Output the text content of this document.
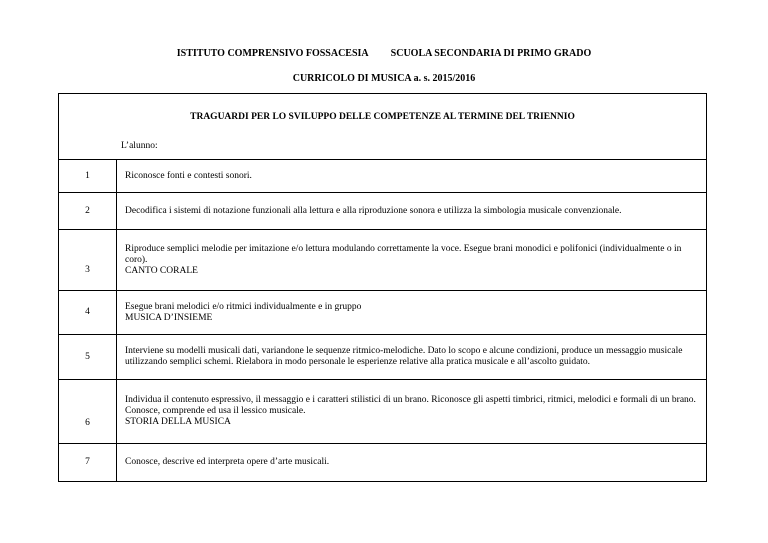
ISTITUTO COMPRENSIVO FOSSACESIA SCUOLA SECONDARIA DI PRIMO GRADO
CURRICOLO DI MUSICA a. s. 2015/2016
TRAGUARDI PER LO SVILUPPO DELLE COMPETENZE AL TERMINE DEL TRIENNIO	
L’alunno:	
1	Riconosce fonti e contesti sonori.

2	Decodifica i sistemi di notazione funzionali alla lettura e alla riproduzione sonora e utilizza la simbologia musicale convenzionale.

3	Riproduce semplici melodie per imitazione e/o lettura modulando correttamente la voce. Esegue brani monodici e polifonici (individualmente o in coro).
CANTO CORALE

4	Esegue brani melodici e/o ritmici individualmente e in gruppo
MUSICA D’INSIEME

5	Interviene su modelli musicali dati, variandone le sequenze ritmico-melodiche. Dato lo scopo e alcune condizioni, produce un messaggio musicale utilizzando semplici schemi. Rielabora in modo personale le esperienze relative alla pratica musicale e all’ascolto guidato.

6	Individua il contenuto espressivo, il messaggio e i caratteri stilistici di un brano. Riconosce gli aspetti timbrici, ritmici, melodici e formali di un brano. Conosce, comprende ed usa il lessico musicale.
STORIA DELLA MUSICA

7	Conosce, descrive ed interpreta opere d’arte musicali.
